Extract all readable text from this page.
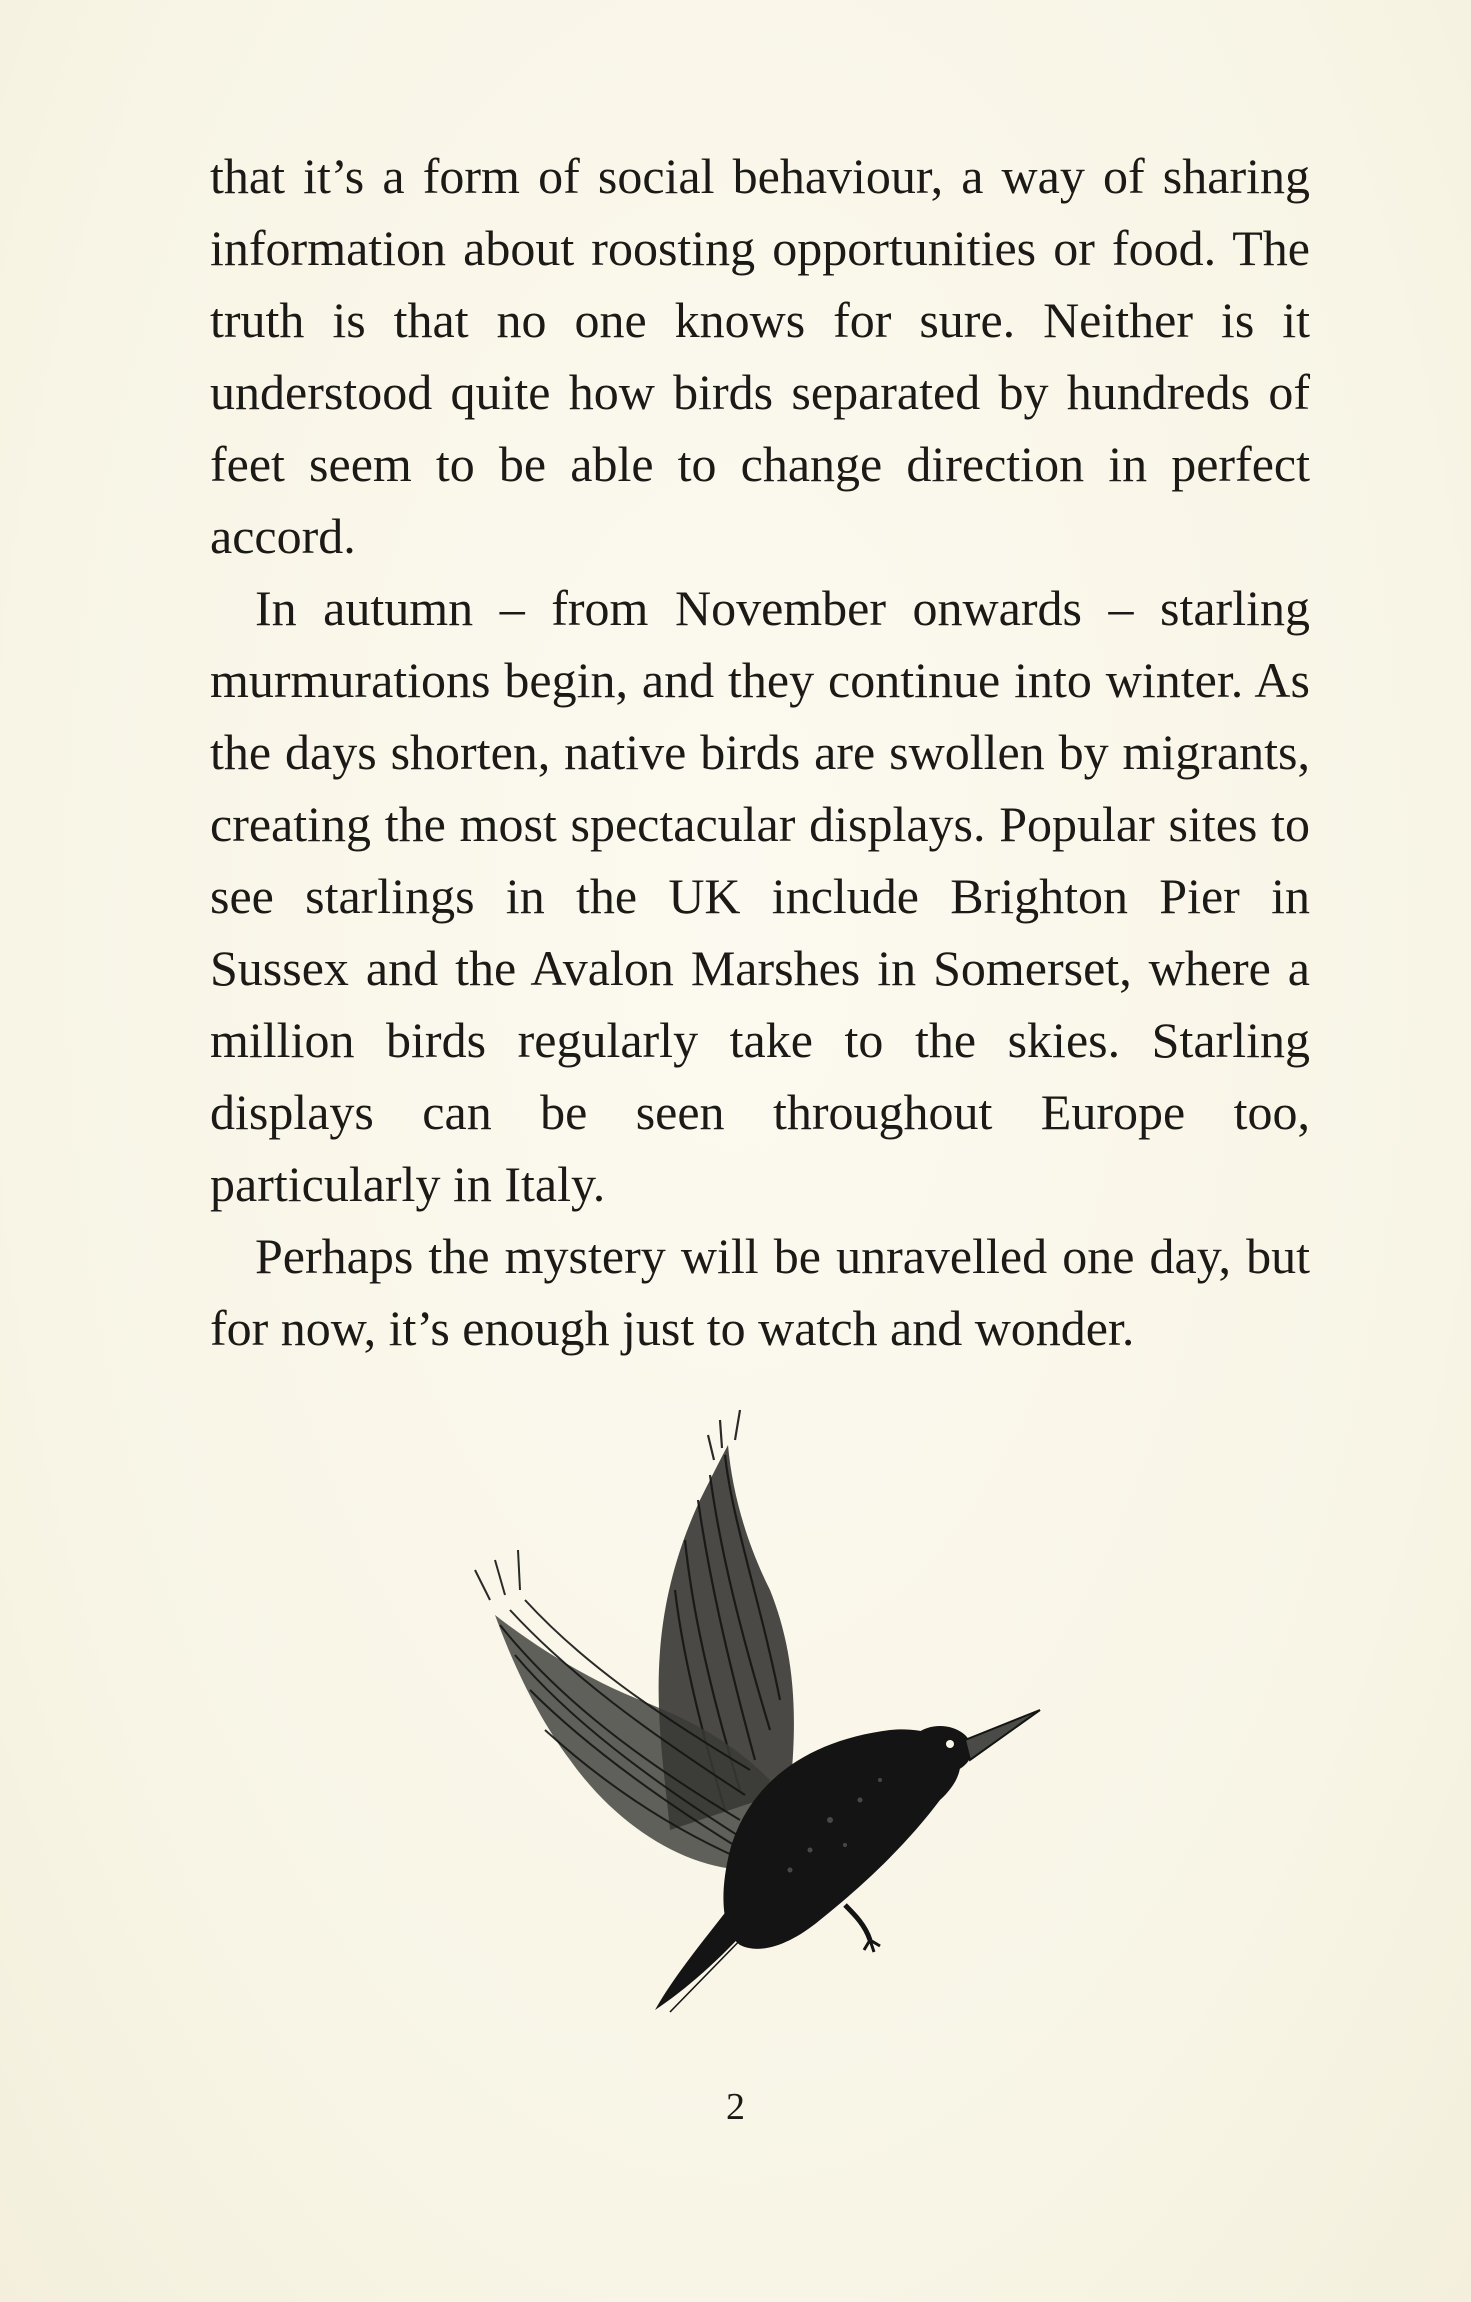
that it’s a form of social behaviour, a way of sharing information about roosting opportunities or food. The truth is that no one knows for sure. Neither is it understood quite how birds separated by hundreds of feet seem to be able to change direction in perfect accord.

In autumn – from November onwards – starling murmurations begin, and they continue into winter. As the days shorten, native birds are swollen by migrants, creating the most spectacular displays. Popular sites to see starlings in the UK include Brighton Pier in Sussex and the Avalon Marshes in Somerset, where a million birds regularly take to the skies. Starling displays can be seen throughout Europe too, particularly in Italy.

Perhaps the mystery will be unravelled one day, but for now, it’s enough just to watch and wonder.

2
